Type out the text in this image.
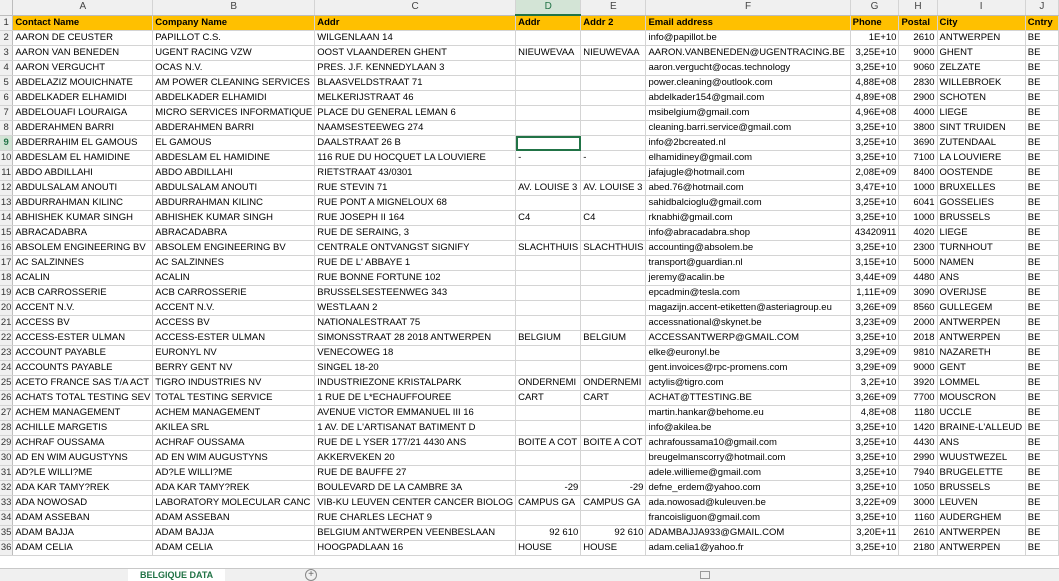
	A	B	C	D	E	F	G	H	I	J
1	Contact Name	Company Name	Addr	Addr	Addr 2	Email address	Phone	Postal	City	Cntry
2	AARON DE CEUSTER	PAPILLOT C.S.	WILGENLAAN 14			info@papillot.be	1E+10	2610	ANTWERPEN	BE
3	AARON VAN BENEDEN	UGENT RACING VZW	OOST VLAANDEREN GHENT	NIEUWEVAA	NIEUWEVAA	AARON.VANBENEDEN@UGENTRACING.BE	3,25E+10	9000	GHENT	BE
4	AARON VERGUCHT	OCAS N.V.	PRES. J.F. KENNEDYLAAN 3			aaron.vergucht@ocas.technology	3,25E+10	9060	ZELZATE	BE
5	ABDELAZIZ MOUICHNATE	AM POWER CLEANING SERVICES	BLAASVELDSTRAAT 71			power.cleaning@outlook.com	4,88E+08	2830	WILLEBROEK	BE
6	ABDELKADER ELHAMIDI	ABDELKADER ELHAMIDI	MELKERIJSTRAAT 46			abdelkader154@gmail.com	4,89E+08	2900	SCHOTEN	BE
7	ABDELOUAFI LOURAIGA	MICRO SERVICES INFORMATIQUE	PLACE DU GENERAL LEMAN 6			msibelgium@gmail.com	4,96E+08	4000	LIEGE	BE
8	ABDERAHMEN BARRI	ABDERAHMEN BARRI	NAAMSESTEEWEG 274			cleaning.barri.service@gmail.com	3,25E+10	3800	SINT TRUIDEN	BE
9	ABDERRAHIM EL GAMOUS	EL GAMOUS	DAALSTRAAT 26 B			info@2bcreated.nl	3,25E+10	3690	ZUTENDAAL	BE
10	ABDESLAM EL HAMIDINE	ABDESLAM EL HAMIDINE	116 RUE DU HOCQUET LA LOUVIERE	-	-	elhamidiney@gmail.com	3,25E+10	7100	LA LOUVIERE	BE
11	ABDO ABDILLAHI	ABDO ABDILLAHI	RIETSTRAAT 43/0301			jafajugle@hotmail.com	2,08E+09	8400	OOSTENDE	BE
12	ABDULSALAM ANOUTI	ABDULSALAM ANOUTI	RUE STEVIN 71	AV. LOUISE 3	AV. LOUISE 3	abed.76@hotmail.com	3,47E+10	1000	BRUXELLES	BE
13	ABDURRAHMAN KILINC	ABDURRAHMAN KILINC	RUE PONT A MIGNELOUX 68			sahidbalcioglu@gmail.com	3,25E+10	6041	GOSSELIES	BE
14	ABHISHEK KUMAR SINGH	ABHISHEK KUMAR SINGH	RUE JOSEPH II 164	C4	C4	rknabhi@gmail.com	3,25E+10	1000	BRUSSELS	BE
15	ABRACADABRA	ABRACADABRA	RUE DE SERAING, 3			info@abracadabra.shop	43420911	4020	LIEGE	BE
16	ABSOLEM ENGINEERING BV	ABSOLEM ENGINEERING BV	CENTRALE ONTVANGST SIGNIFY	SLACHTHUIS	SLACHTHUIS	accounting@absolem.be	3,25E+10	2300	TURNHOUT	BE
17	AC SALZINNES	AC SALZINNES	RUE DE L' ABBAYE 1			transport@guardian.nl	3,15E+10	5000	NAMEN	BE
18	ACALIN	ACALIN	RUE BONNE FORTUNE 102			jeremy@acalin.be	3,44E+09	4480	ANS	BE
19	ACB CARROSSERIE	ACB CARROSSERIE	BRUSSELSESTEENWEG 343			epcadmin@tesla.com	1,11E+09	3090	OVERIJSE	BE
20	ACCENT N.V.	ACCENT N.V.	WESTLAAN 2			magazijn.accent-etiketten@asteriagroup.eu	3,26E+09	8560	GULLEGEM	BE
21	ACCESS BV	ACCESS BV	NATIONALESTRAAT 75			accessnational@skynet.be	3,23E+09	2000	ANTWERPEN	BE
22	ACCESS-ESTER ULMAN	ACCESS-ESTER ULMAN	SIMONSSTRAAT 28 2018 ANTWERPEN	BELGIUM	BELGIUM	ACCESSANTWERP@GMAIL.COM	3,25E+10	2018	ANTWERPEN	BE
23	ACCOUNT PAYABLE	EURONYL NV	VENECOWEG 18			elke@euronyl.be	3,29E+09	9810	NAZARETH	BE
24	ACCOUNTS PAYABLE	BERRY GENT NV	SINGEL 18-20			gent.invoices@rpc-promens.com	3,29E+09	9000	GENT	BE
25	ACETO FRANCE SAS T/A ACT	TIGRO INDUSTRIES NV	INDUSTRIEZONE KRISTALPARK	ONDERNEMI	ONDERNEMI	actylis@tigro.com	3,2E+10	3920	LOMMEL	BE
26	ACHATS TOTAL TESTING SEV	TOTAL TESTING SERVICE	1 RUE DE L*ECHAUFFOUREE	CART	CART	ACHAT@TTESTING.BE	3,26E+09	7700	MOUSCRON	BE
27	ACHEM MANAGEMENT	ACHEM MANAGEMENT	AVENUE VICTOR EMMANUEL III 16			martin.hankar@behome.eu	4,8E+08	1180	UCCLE	BE
28	ACHILLE MARGETIS	AKILEA SRL	1 AV. DE L'ARTISANAT BATIMENT D			info@akilea.be	3,25E+10	1420	BRAINE-L'ALLEUD	BE
29	ACHRAF OUSSAMA	ACHRAF OUSSAMA	RUE DE L YSER 177/21 4430 ANS	BOITE A COT	BOITE A COT	achrafoussama10@gmail.com	3,25E+10	4430	ANS	BE
30	AD EN WIM AUGUSTYNS	AD EN WIM AUGUSTYNS	AKKERVEKEN 20			breugelmanscorry@hotmail.com	3,25E+10	2990	WUUSTWEZEL	BE
31	AD?LE WILLI?ME	AD?LE WILLI?ME	RUE DE BAUFFE 27			adele.willieme@gmail.com	3,25E+10	7940	BRUGELETTE	BE
32	ADA KAR TAMY?REK	ADA KAR TAMY?REK	BOULEVARD DE LA CAMBRE 3A	-29	-29	defne_erdem@yahoo.com	3,25E+10	1050	BRUSSELS	BE
33	ADA NOWOSAD	LABORATORY MOLECULAR CANC	VIB-KU LEUVEN CENTER CANCER BIOLOG	CAMPUS GA	CAMPUS GA	ada.nowosad@kuleuven.be	3,22E+09	3000	LEUVEN	BE
34	ADAM ASSEBAN	ADAM ASSEBAN	RUE CHARLES LECHAT 9			francoisliguon@gmail.com	3,25E+10	1160	AUDERGHEM	BE
35	ADAM BAJJA	ADAM BAJJA	BELGIUM ANTWERPEN VEENBESLAAN	92 610	92 610	ADAMBAJJA933@GMAIL.COM	3,20E+11	2610	ANTWERPEN	BE
36	ADAM CELIA	ADAM CELIA	HOOGPADLAAN 16	HOUSE	HOUSE	adam.celia1@yahoo.fr	3,25E+10	2180	ANTWERPEN	BE
BELGIQUE DATA	+
